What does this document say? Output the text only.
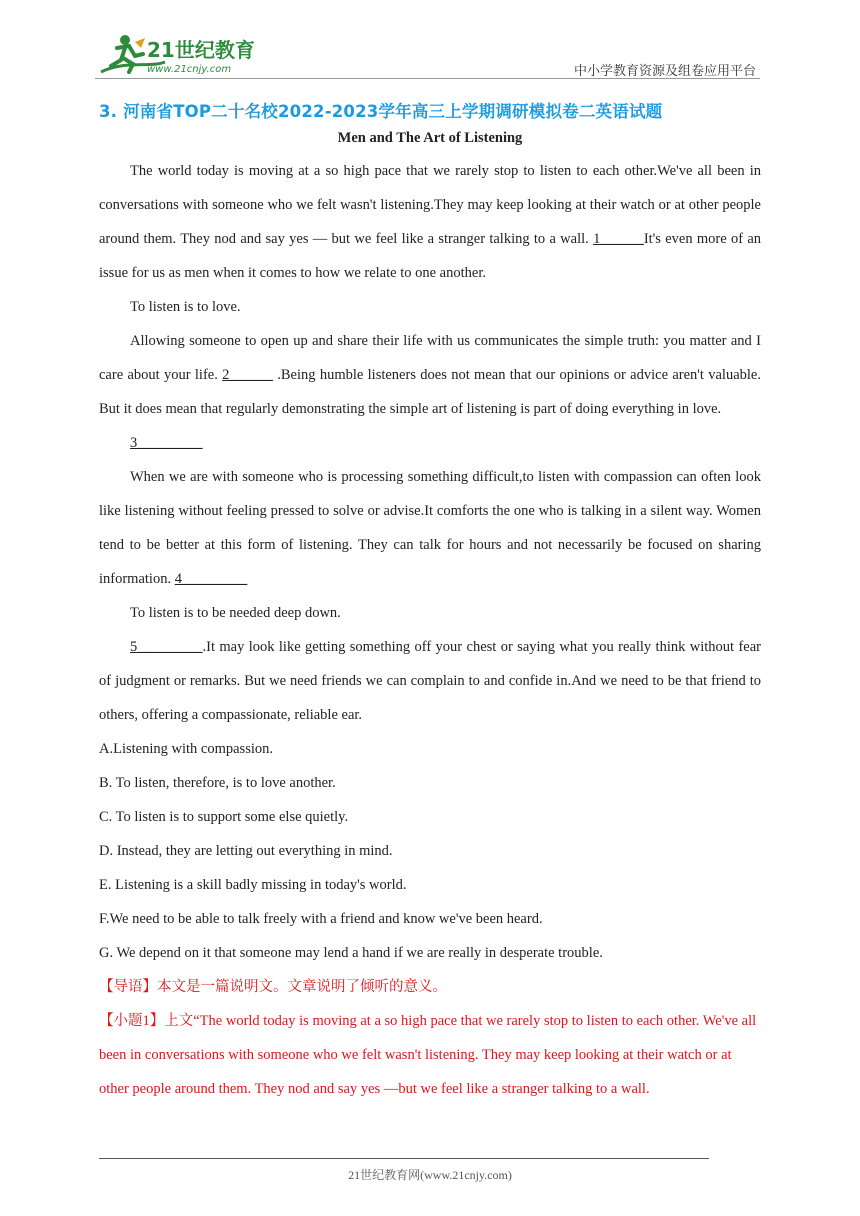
21世纪教育
www.21cnjy.com	中小学教育资源及组卷应用平台
3. 河南省TOP二十名校2022-2023学年高三上学期调研模拟卷二英语试题
Men and The Art of Listening

The world today is moving at a so high pace that we rarely stop to listen to each other.We've all been in conversations with someone who we felt wasn't listening.They may keep looking at their watch or at other people around them. They nod and say yes — but we feel like a stranger talking to a wall. 1______It's even more of an issue for us as men when it comes to how we relate to one another.

To listen is to love.

Allowing someone to open up and share their life with us communicates the simple truth: you matter and I care about your life. 2______ .Being humble listeners does not mean that our opinions or advice aren't valuable. But it does mean that regularly demonstrating the simple art of listening is part of doing everything in love.

3_________

When we are with someone who is processing something difficult,to listen with compassion can often look like listening without feeling pressed to solve or advise.It comforts the one who is talking in a silent way. Women tend to be better at this form of listening. They can talk for hours and not necessarily be focused on sharing information. 4_________

To listen is to be needed deep down.

5_________.It may look like getting something off your chest or saying what you really think without fear of judgment or remarks. But we need friends we can complain to and confide in.And we need to be that friend to others, offering a compassionate, reliable ear.

A.Listening with compassion.

B. To listen, therefore, is to love another.

C. To listen is to support some else quietly.

D. Instead, they are letting out everything in mind.

E. Listening is a skill badly missing in today's world.

F.We need to be able to talk freely with a friend and know we've been heard.

G. We depend on it that someone may lend a hand if we are really in desperate trouble.

【导语】本文是一篇说明文。文章说明了倾听的意义。

【小题1】上文“The world today is moving at a so high pace that we rarely stop to listen to each other. We've all been in conversations with someone who we felt wasn't listening. They may keep looking at their watch or at other people around them. They nod and say yes —but we feel like a stranger talking to a wall.

21世纪教育网(www.21cnjy.com)
